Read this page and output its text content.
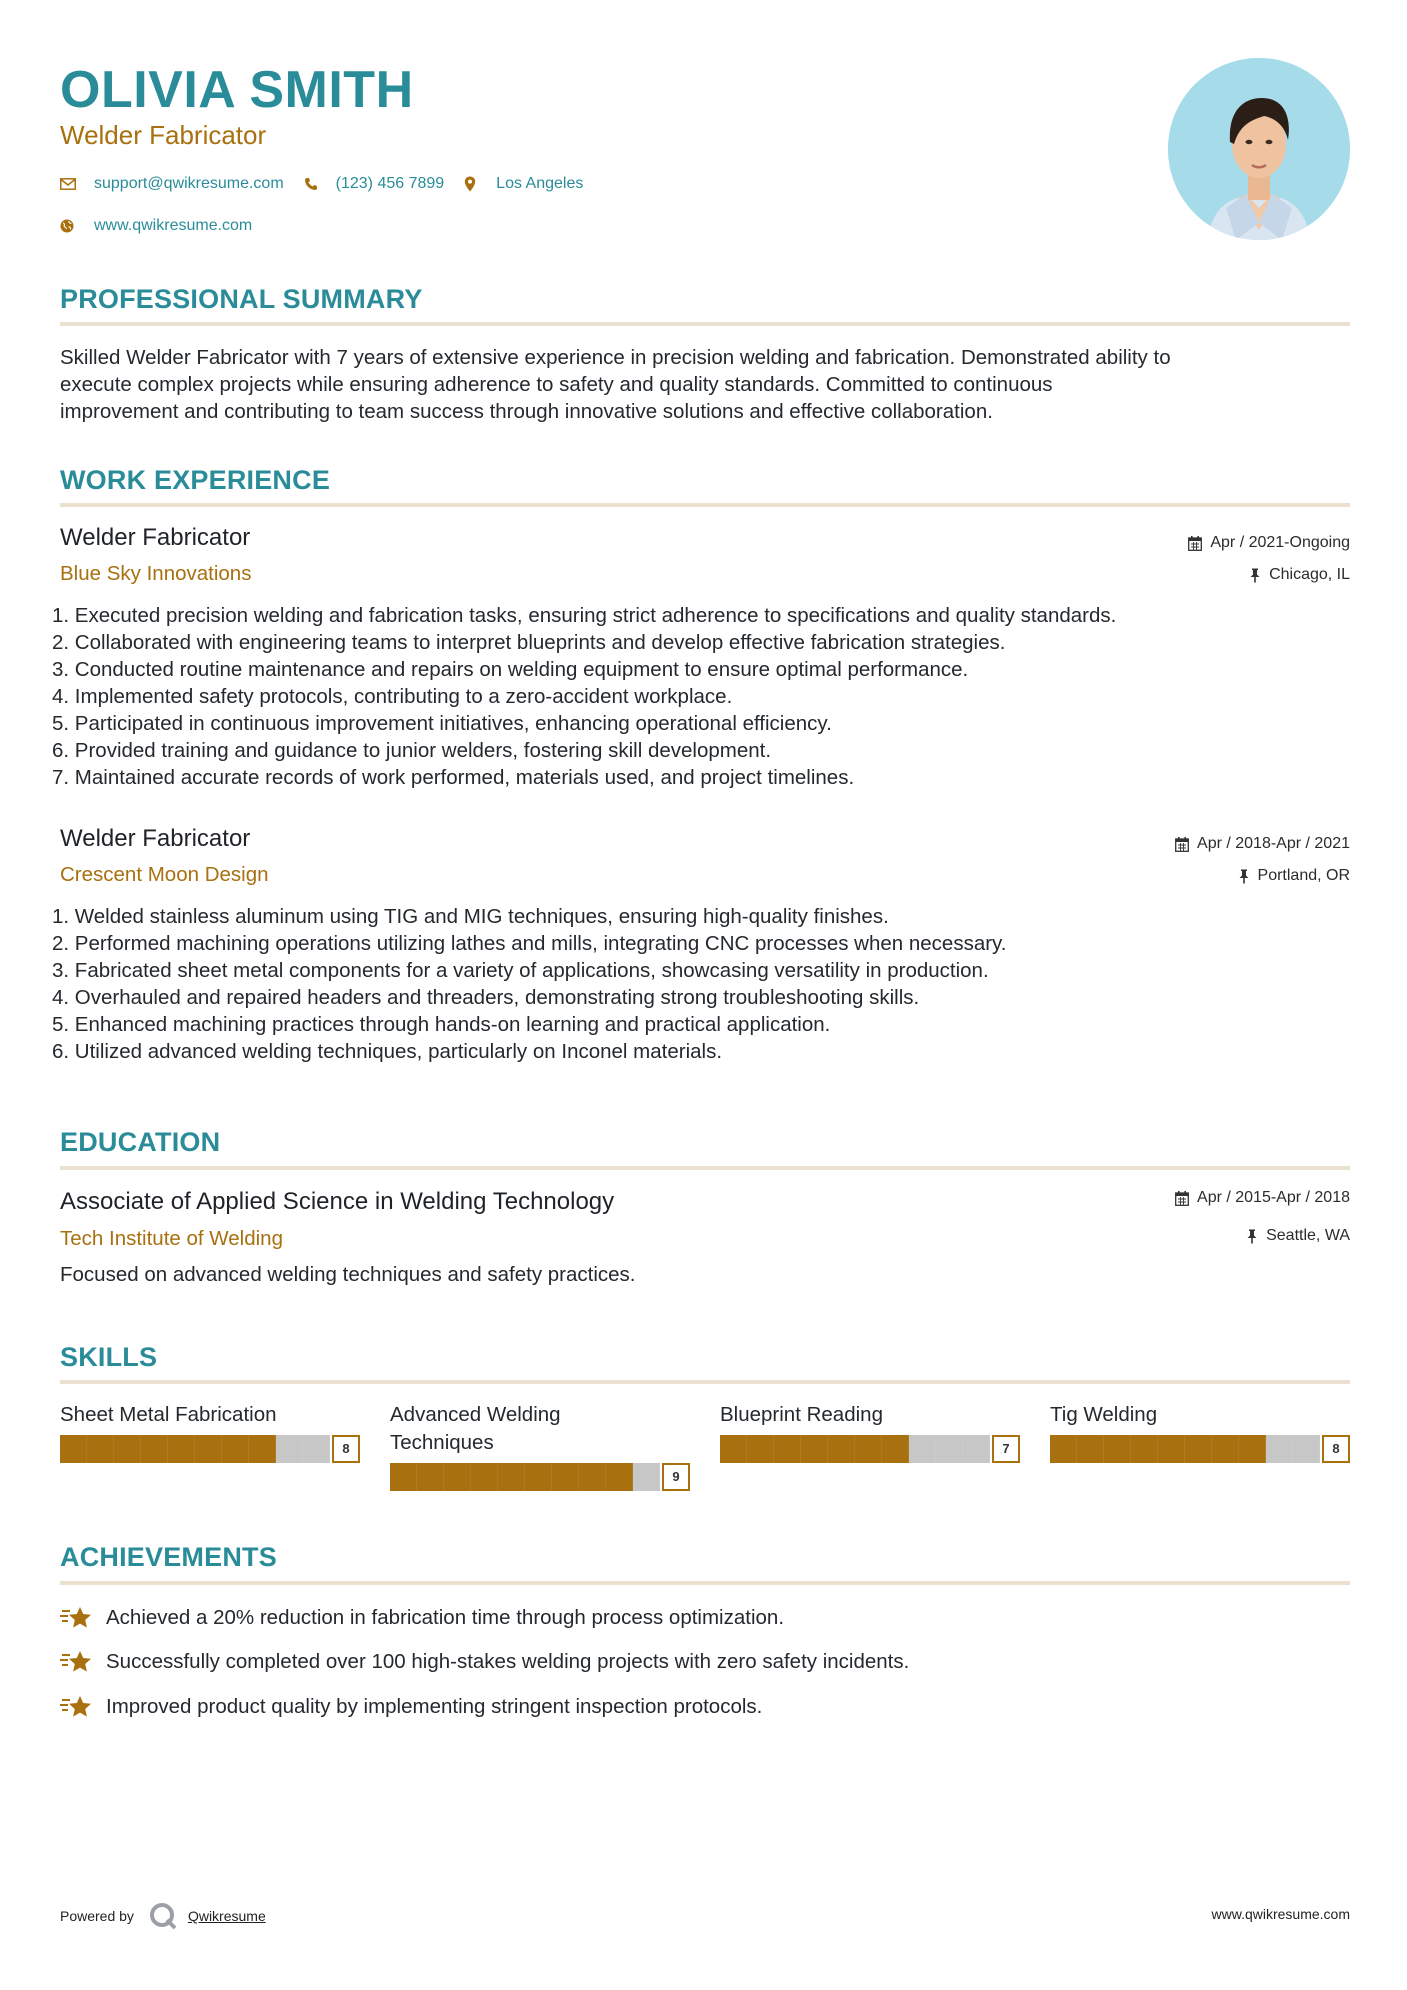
OLIVIA SMITH
Welder Fabricator
support@qwikresume.com	(123) 456 7899	Los Angeles
www.qwikresume.com
PROFESSIONAL SUMMARY
Skilled Welder Fabricator with 7 years of extensive experience in precision welding and fabrication. Demonstrated ability to
execute complex projects while ensuring adherence to safety and quality standards. Committed to continuous
improvement and contributing to team success through innovative solutions and effective collaboration.
WORK EXPERIENCE
Welder Fabricator
Blue Sky Innovations
Apr / 2021-Ongoing
Chicago, IL
1. Executed precision welding and fabrication tasks, ensuring strict adherence to specifications and quality standards.
2. Collaborated with engineering teams to interpret blueprints and develop effective fabrication strategies.
3. Conducted routine maintenance and repairs on welding equipment to ensure optimal performance.
4. Implemented safety protocols, contributing to a zero-accident workplace.
5. Participated in continuous improvement initiatives, enhancing operational efficiency.
6. Provided training and guidance to junior welders, fostering skill development.
7. Maintained accurate records of work performed, materials used, and project timelines.
Welder Fabricator
Crescent Moon Design
Apr / 2018-Apr / 2021
Portland, OR
1. Welded stainless aluminum using TIG and MIG techniques, ensuring high-quality finishes.
2. Performed machining operations utilizing lathes and mills, integrating CNC processes when necessary.
3. Fabricated sheet metal components for a variety of applications, showcasing versatility in production.
4. Overhauled and repaired headers and threaders, demonstrating strong troubleshooting skills.
5. Enhanced machining practices through hands-on learning and practical application.
6. Utilized advanced welding techniques, particularly on Inconel materials.
EDUCATION
Associate of Applied Science in Welding Technology
Tech Institute of Welding
Apr / 2015-Apr / 2018
Seattle, WA
Focused on advanced welding techniques and safety practices.
SKILLS
Sheet Metal Fabrication
8
Advanced Welding
Techniques
9
Blueprint Reading
7
Tig Welding
8
ACHIEVEMENTS
Achieved a 20% reduction in fabrication time through process optimization.
Successfully completed over 100 high-stakes welding projects with zero safety incidents.
Improved product quality by implementing stringent inspection protocols.
Powered by	Qwikresume	www.qwikresume.com
